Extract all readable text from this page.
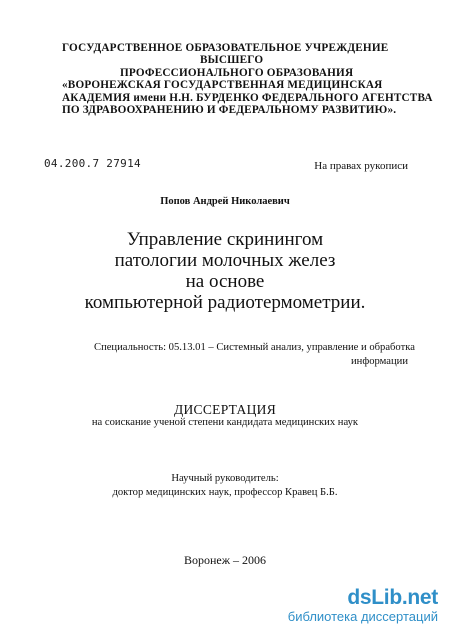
ГОСУДАРСТВЕННОЕ ОБРАЗОВАТЕЛЬНОЕ УЧРЕЖДЕНИЕ
ВЫСШЕГО
ПРОФЕССИОНАЛЬНОГО ОБРАЗОВАНИЯ
«ВОРОНЕЖСКАЯ ГОСУДАРСТВЕННАЯ МЕДИЦИНСКАЯ
АКАДЕМИЯ имени Н.Н. БУРДЕНКО ФЕДЕРАЛЬНОГО АГЕНТСТВА
ПО ЗДРАВООХРАНЕНИЮ И ФЕДЕРАЛЬНОМУ РАЗВИТИЮ».
04.200.7 27914	На правах рукописи
Попов Андрей Николаевич
Управление скринингом
патологии молочных желез
на основе
компьютерной радиотермометрии.
Специальность: 05.13.01 – Системный анализ, управление и обработка
информации
ДИССЕРТАЦИЯ
на соискание ученой степени кандидата медицинских наук
Научный руководитель:
доктор медицинских наук, профессор Кравец Б.Б.
Воронеж – 2006
dsLib.net
библиотека диссертаций
